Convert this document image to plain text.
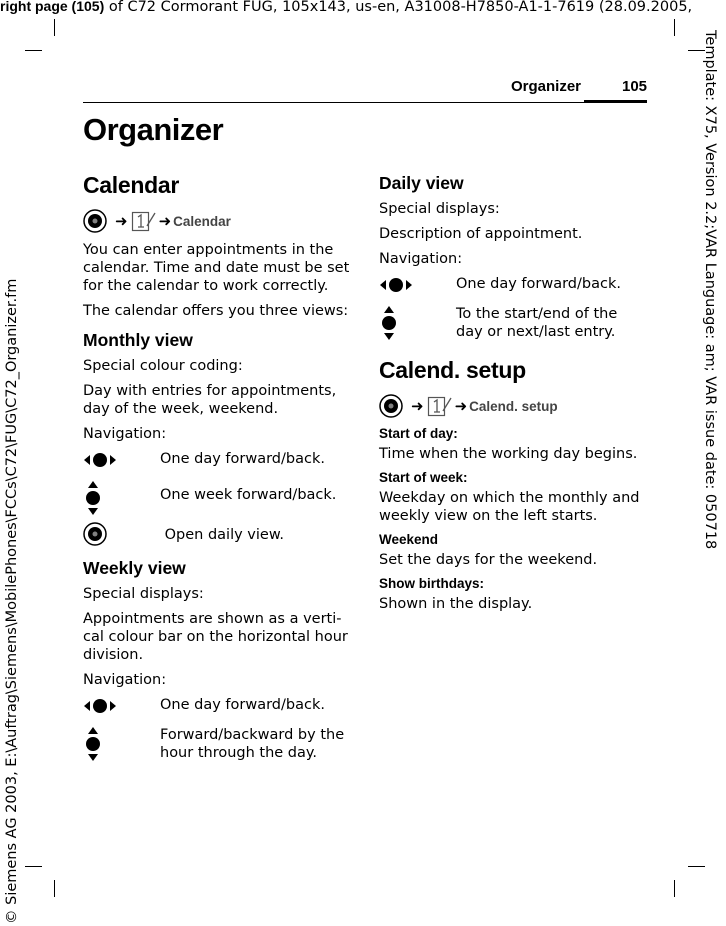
right page (105) of C72 Cormorant FUG, 105x143, us-en, A31008-H7850-A1-1-7619 (28.09.2005,
Template: X75, Version 2.2;VAR Language: am; VAR issue date: 050718
© Siemens AG 2003, E:\Auftrag\Siemens\MobilePhones\FCCs\C72\FUG\C72_Organizer.fm
Organizer	105
Organizer
Calendar
➜ ➜ Calendar

You can enter appointments in the calendar. Time and date must be set for the calendar to work correctly.

The calendar offers you three views:

Monthly view

Special colour coding:

Day with entries for appointments, day of the week, weekend.

Navigation:

One day forward/back.
One week forward/back.
Open daily view.
Weekly view

Special displays:

Appointments are shown as a vertical colour bar on the horizontal hour division.

Navigation:

One day forward/back.
Forward/backward by the hour through the day.
Daily view

Special displays:

Description of appointment.

Navigation:

One day forward/back.
To the start/end of the day or next/last entry.
Calend. setup
➜ ➜ Calend. setup
Start of day:

Time when the working day begins.

Start of week:

Weekday on which the monthly and weekly view on the left starts.

Weekend

Set the days for the weekend.

Show birthdays:

Shown in the display.
